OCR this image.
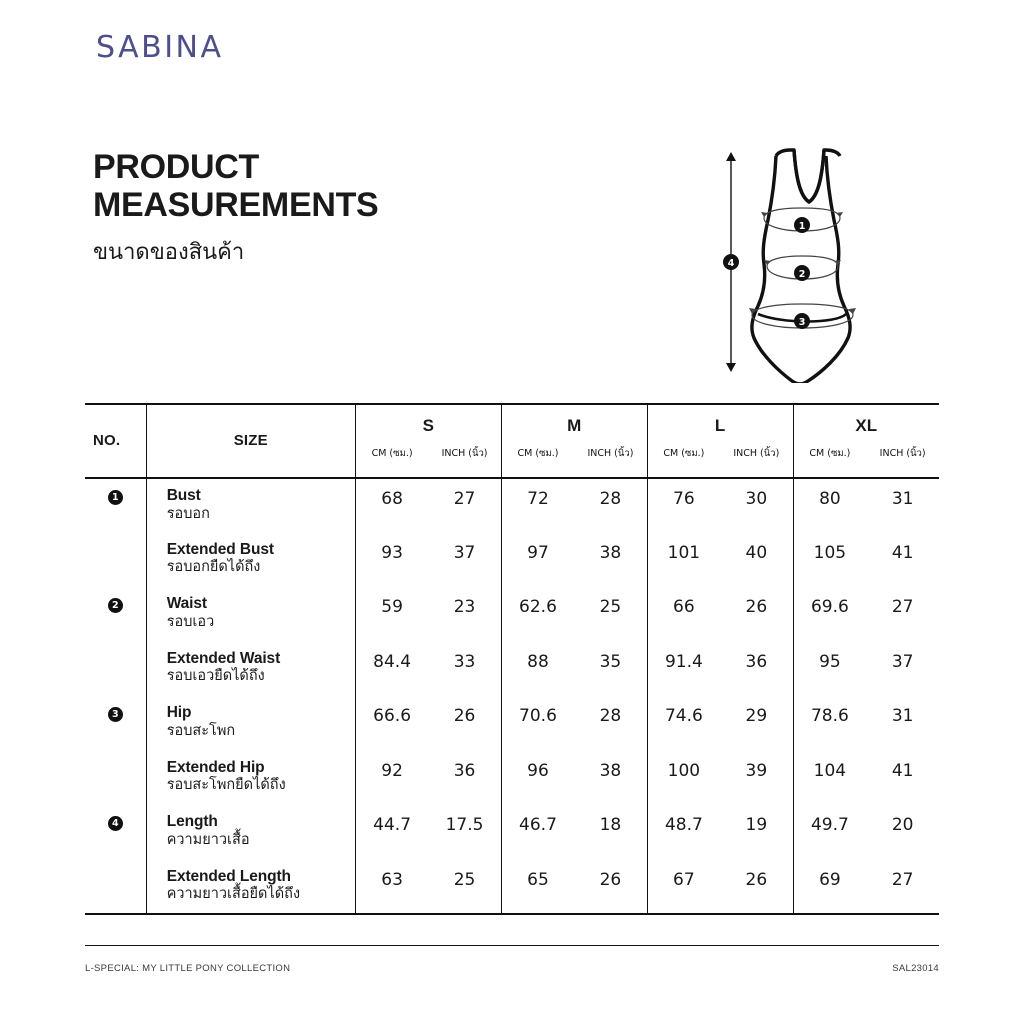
SABINA
PRODUCT
MEASUREMENTS
ขนาดของสินค้า	4
1
2
3
NO.	SIZE	
S
CM (ซม.)	INCH (นิ้ว)

M
CM (ซม.)	INCH (นิ้ว)

L
CM (ซม.)	INCH (นิ้ว)

XL
CM (ซม.)	INCH (นิ้ว)

1	Bust
รอบอก

68	27	72	28	76	30	80	31

Extended Bust
รอบอกยืดได้ถึง

93	37	97	38	101	40	105	41

2	Waist
รอบเอว

59	23	62.6	25	66	26	69.6	27

Extended Waist
รอบเอวยืดได้ถึง

84.4	33	88	35	91.4	36	95	37

3	Hip
รอบสะโพก

66.6	26	70.6	28	74.6	29	78.6	31

Extended Hip
รอบสะโพกยืดได้ถึง

92	36	96	38	100	39	104	41

4	Length
ความยาวเสื้อ

44.7	17.5	46.7	18	48.7	19	49.7	20

Extended Length
ความยาวเสื้อยืดได้ถึง

63	25	65	26	67	26	69	27
L-SPECIAL: MY LITTLE PONY COLLECTION	SAL23014
